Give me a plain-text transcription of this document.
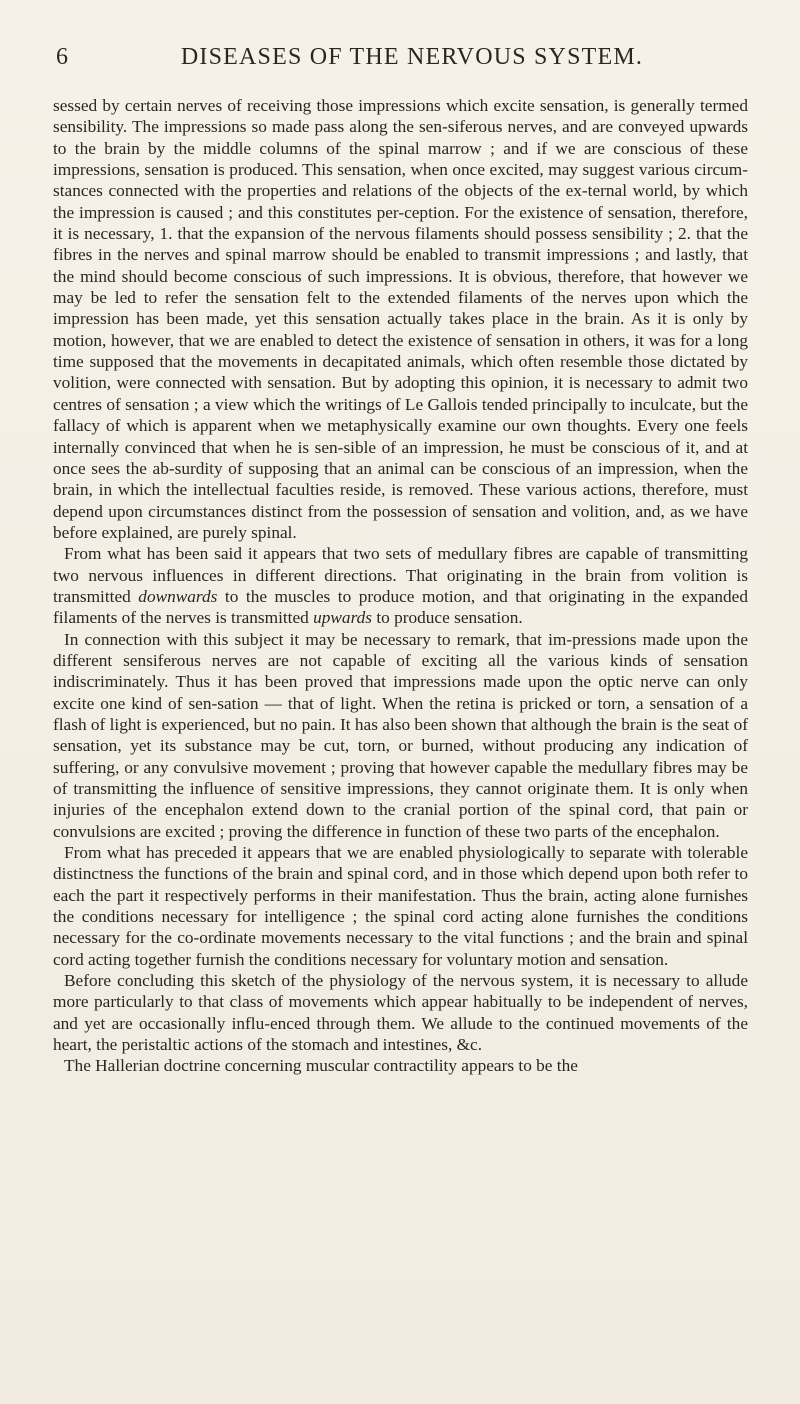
6	DISEASES OF THE NERVOUS SYSTEM.

sessed by certain nerves of receiving those impressions which excite sensation, is generally termed sensibility. The impressions so made pass along the sen-siferous nerves, and are conveyed upwards to the brain by the middle columns of the spinal marrow ; and if we are conscious of these impressions, sensation is produced. This sensation, when once excited, may suggest various circum-stances connected with the properties and relations of the objects of the ex-ternal world, by which the impression is caused ; and this constitutes per-ception. For the existence of sensation, therefore, it is necessary, 1. that the expansion of the nervous filaments should possess sensibility ; 2. that the fibres in the nerves and spinal marrow should be enabled to transmit impressions ; and lastly, that the mind should become conscious of such impressions. It is obvious, therefore, that however we may be led to refer the sensation felt to the extended filaments of the nerves upon which the impression has been made, yet this sensation actually takes place in the brain. As it is only by motion, however, that we are enabled to detect the existence of sensation in others, it was for a long time supposed that the movements in decapitated animals, which often resemble those dictated by volition, were connected with sensation. But by adopting this opinion, it is necessary to admit two centres of sensation ; a view which the writings of Le Gallois tended principally to inculcate, but the fallacy of which is apparent when we metaphysically examine our own thoughts. Every one feels internally convinced that when he is sen-sible of an impression, he must be conscious of it, and at once sees the ab-surdity of supposing that an animal can be conscious of an impression, when the brain, in which the intellectual faculties reside, is removed. These various actions, therefore, must depend upon circumstances distinct from the possession of sensation and volition, and, as we have before explained, are purely spinal.

From what has been said it appears that two sets of medullary fibres are capable of transmitting two nervous influences in different directions. That originating in the brain from volition is transmitted downwards to the muscles to produce motion, and that originating in the expanded filaments of the nerves is transmitted upwards to produce sensation.

In connection with this subject it may be necessary to remark, that im-pressions made upon the different sensiferous nerves are not capable of exciting all the various kinds of sensation indiscriminately. Thus it has been proved that impressions made upon the optic nerve can only excite one kind of sen-sation — that of light. When the retina is pricked or torn, a sensation of a flash of light is experienced, but no pain. It has also been shown that although the brain is the seat of sensation, yet its substance may be cut, torn, or burned, without producing any indication of suffering, or any convulsive movement ; proving that however capable the medullary fibres may be of transmitting the influence of sensitive impressions, they cannot originate them. It is only when injuries of the encephalon extend down to the cranial portion of the spinal cord, that pain or convulsions are excited ; proving the difference in function of these two parts of the encephalon.

From what has preceded it appears that we are enabled physiologically to separate with tolerable distinctness the functions of the brain and spinal cord, and in those which depend upon both refer to each the part it respectively performs in their manifestation. Thus the brain, acting alone furnishes the conditions necessary for intelligence ; the spinal cord acting alone furnishes the conditions necessary for the co-ordinate movements necessary to the vital functions ; and the brain and spinal cord acting together furnish the conditions necessary for voluntary motion and sensation.

Before concluding this sketch of the physiology of the nervous system, it is necessary to allude more particularly to that class of movements which appear habitually to be independent of nerves, and yet are occasionally influ-enced through them. We allude to the continued movements of the heart, the peristaltic actions of the stomach and intestines, &c.

The Hallerian doctrine concerning muscular contractility appears to be the
